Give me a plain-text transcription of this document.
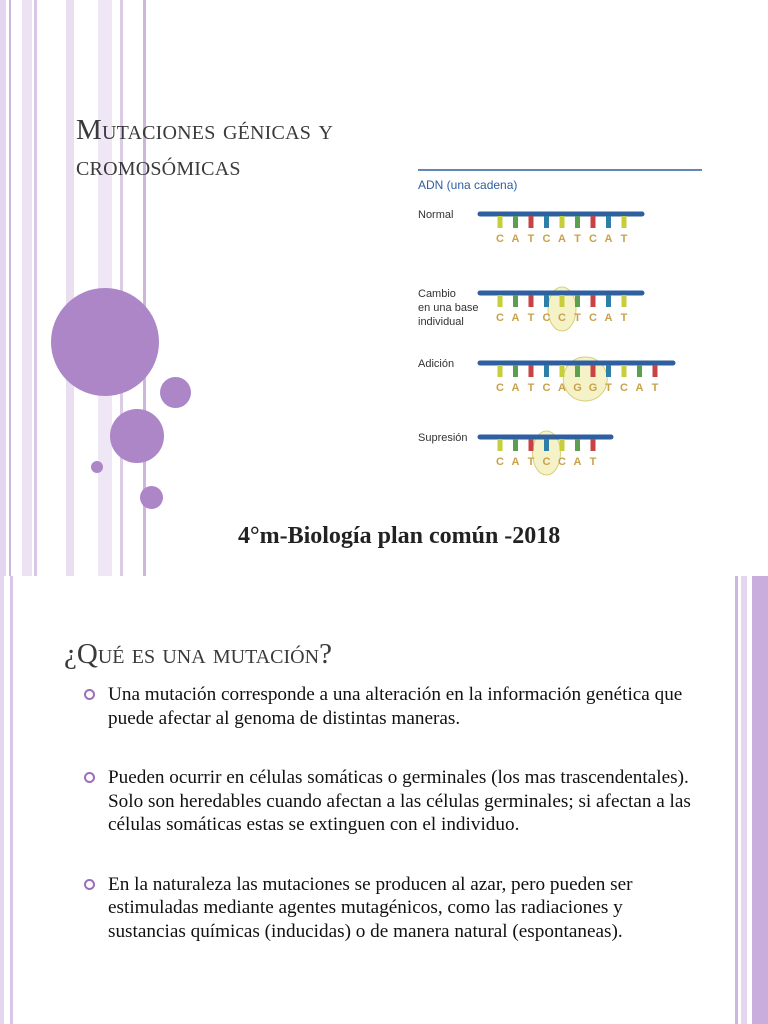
Mutaciones génicas y
cromosómicas
ADN (una cadena)
Normal
C A T C A T C A T
Cambio
en una base
individual	C A T C C T C A T
Adición
C A T C A G G T C A T
Supresión
C A T C C A T

4°m-Biología plan común -2018

¿Qué es una mutación?
Una mutación corresponde a una alteración en la información genética que puede afectar al genoma de distintas maneras.
Pueden ocurrir en células somáticas o germinales (los mas trascendentales). Solo son heredables cuando afectan a las células germinales; si afectan a las células somáticas estas se extinguen con el individuo.
En la naturaleza las mutaciones se producen al azar, pero pueden ser estimuladas mediante agentes mutagénicos, como las radiaciones y sustancias químicas (inducidas) o de manera natural (espontaneas).
